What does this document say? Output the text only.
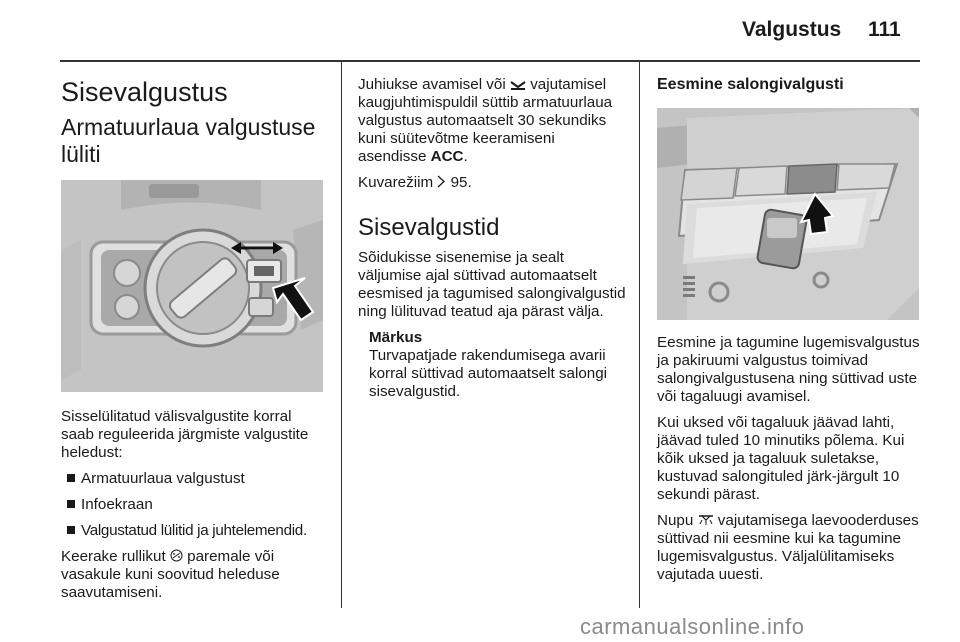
Valgustus 111
Sisevalgustus
Armatuurlaua valgustuse lüliti

Sisselülitatud välisvalgustite korral saab reguleerida järgmiste valgustite heledust:

Armatuurlaua valgustust
Infoekraan
Valgustatud lülitid ja juhtelemendid.

Keerake rullikut paremale või vasakule kuni soovitud heleduse saavutamiseni.

Juhiukse avamisel või vajutamisel kaugjuhtimispuldil süttib armatuurlaua valgustus automaatselt 30 sekundiks kuni süütevõtme keeramiseni asendisse ACC.

Kuvarežiim 95.

Sisevalgustid

Sõidukisse sisenemise ja sealt väljumise ajal süttivad automaatselt eesmised ja tagumised salongivalgustid ning lülituvad teatud aja pärast välja.

Märkus
Turvapatjade rakendumisega avarii korral süttivad automaatselt salongi sisevalgustid.
Eesmine salongivalgusti

Eesmine ja tagumine lugemisvalgustus ja pakiruumi valgustus toimivad salongivalgustusena ning süttivad uste või tagaluugi avamisel.

Kui uksed või tagaluuk jäävad lahti, jäävad tuled 10 minutiks põlema. Kui kõik uksed ja tagaluuk suletakse, kustuvad salongituled järk-järgult 10 sekundi pärast.

Nupu vajutamisega laevooderduses süttivad nii eesmine kui ka tagumine lugemisvalgustus. Väljalülitamiseks vajutada uuesti.

carmanualsonline.info
